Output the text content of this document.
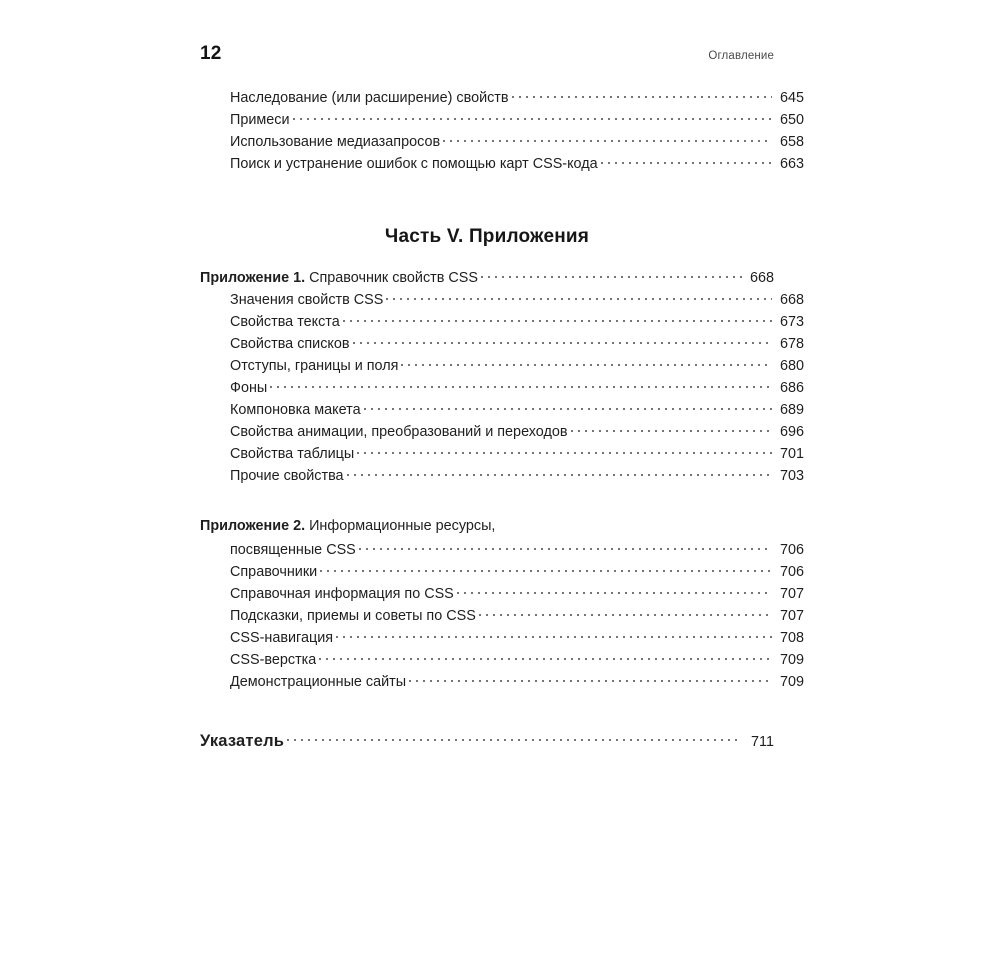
12	Оглавление
Наследование (или расширение) свойств	645
Примеси	650
Использование медиазапросов	658
Поиск и устранение ошибок с помощью карт CSS-кода	663
Часть V. Приложения
Приложение 1. Справочник свойств CSS	668
Значения свойств CSS	668
Свойства текста	673
Свойства списков	678
Отступы, границы и поля	680
Фоны	686
Компоновка макета	689
Свойства анимации, преобразований и переходов	696
Свойства таблицы	701
Прочие свойства	703
Приложение 2. Информационные ресурсы,
посвященные CSS	706
Справочники	706
Справочная информация по CSS	707
Подсказки, приемы и советы по CSS	707
CSS-навигация	708
CSS-верстка	709
Демонстрационные сайты	709
Указатель	711
